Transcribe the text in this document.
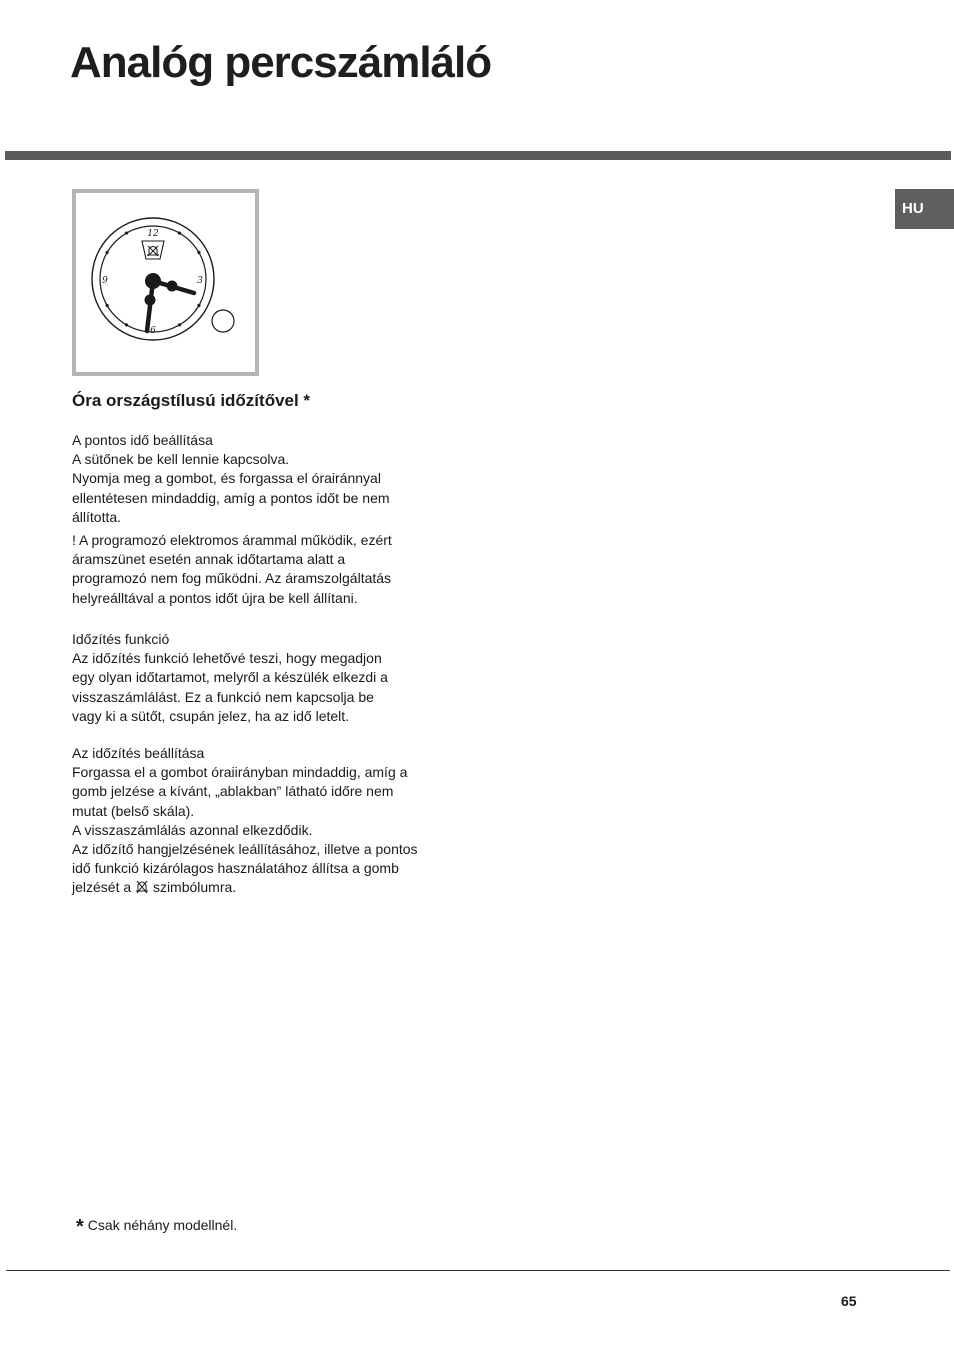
Analóg percszámláló
HU
12
3
6
9
Óra országstílusú időzítővel *

A pontos idő beállítása

A sütőnek be kell lennie kapcsolva.

Nyomja meg a gombot, és forgassa el órairánnyal

ellentétesen mindaddig, amíg a pontos időt be nem

állította.

! A programozó elektromos árammal működik, ezért

áramszünet esetén annak időtartama alatt a

programozó nem fog működni. Az áramszolgáltatás

helyreálltával a pontos időt újra be kell állítani.

Időzítés funkció

Az időzítés funkció lehetővé teszi, hogy megadjon

egy olyan időtartamot, melyről a készülék elkezdi a

visszaszámlálást. Ez a funkció nem kapcsolja be

vagy ki a sütőt, csupán jelez, ha az idő letelt.

Az időzítés beállítása

Forgassa el a gombot óraiirányban mindaddig, amíg a

gomb jelzése a kívánt, „ablakban” látható időre nem

mutat (belső skála).

A visszaszámlálás azonnal elkezdődik.

Az időzítő hangjelzésének leállításához, illetve a pontos

idő funkció kizárólagos használatához állítsa a gomb

jelzését a szimbólumra.

* Csak néhány modellnél.
65
